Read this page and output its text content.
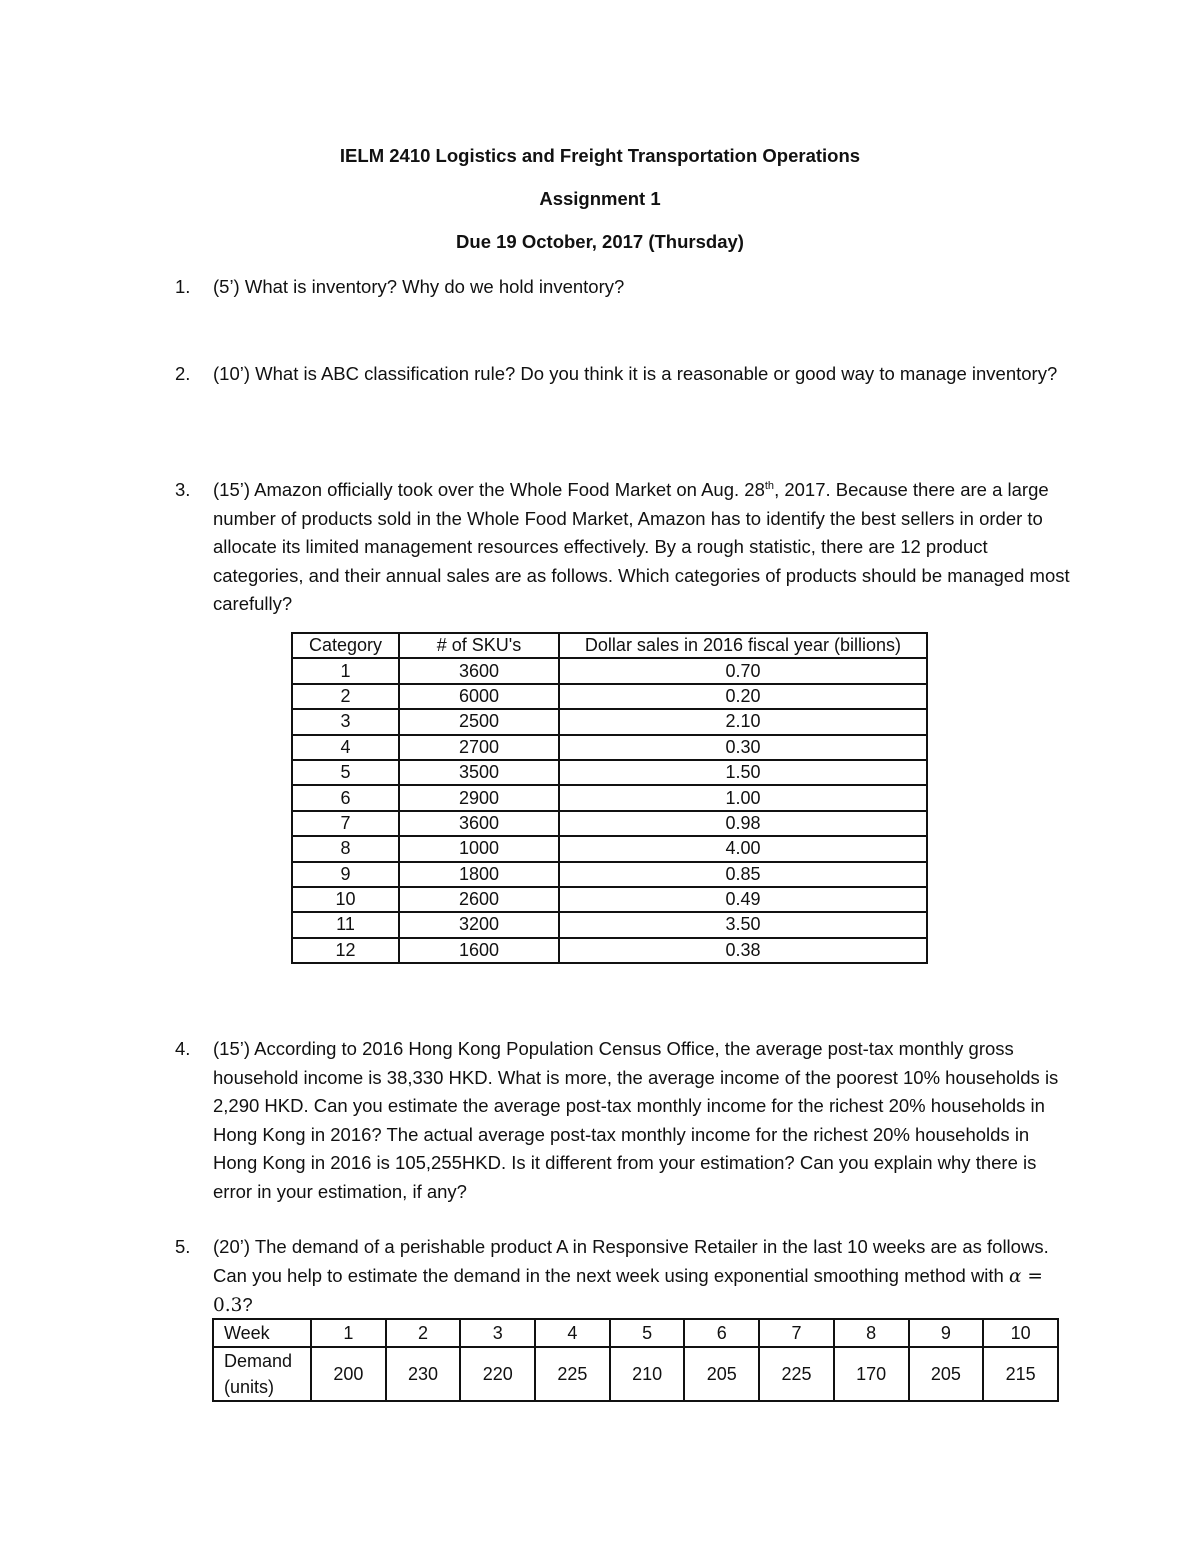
IELM 2410 Logistics and Freight Transportation Operations
Assignment 1
Due 19 October, 2017 (Thursday)
1. (5’) What is inventory? Why do we hold inventory?
2. (10’) What is ABC classification rule? Do you think it is a reasonable or good way to manage inventory?
3. (15’) Amazon officially took over the Whole Food Market on Aug. 28th, 2017. Because there are a large number of products sold in the Whole Food Market, Amazon has to identify the best sellers in order to allocate its limited management resources effectively. By a rough statistic, there are 12 product categories, and their annual sales are as follows. Which categories of products should be managed most carefully?
Category	# of SKU's	Dollar sales in 2016 fiscal year (billions)
1	3600	0.70
2	6000	0.20
3	2500	2.10
4	2700	0.30
5	3500	1.50
6	2900	1.00
7	3600	0.98
8	1000	4.00
9	1800	0.85
10	2600	0.49
11	3200	3.50
12	1600	0.38
4. (15’) According to 2016 Hong Kong Population Census Office, the average post-tax monthly gross household income is 38,330 HKD. What is more, the average income of the poorest 10% households is 2,290 HKD. Can you estimate the average post-tax monthly income for the richest 20% households in Hong Kong in 2016? The actual average post-tax monthly income for the richest 20% households in Hong Kong in 2016 is 105,255HKD. Is it different from your estimation? Can you explain why there is error in your estimation, if any?
5. (20’) The demand of a perishable product A in Responsive Retailer in the last 10 weeks are as follows. Can you help to estimate the demand in the next week using exponential smoothing method with α = 0.3?
Week	1	2	3	4	5	6	7	8	9	10
Demand
(units)	200	230	220	225	210	205	225	170	205	215
